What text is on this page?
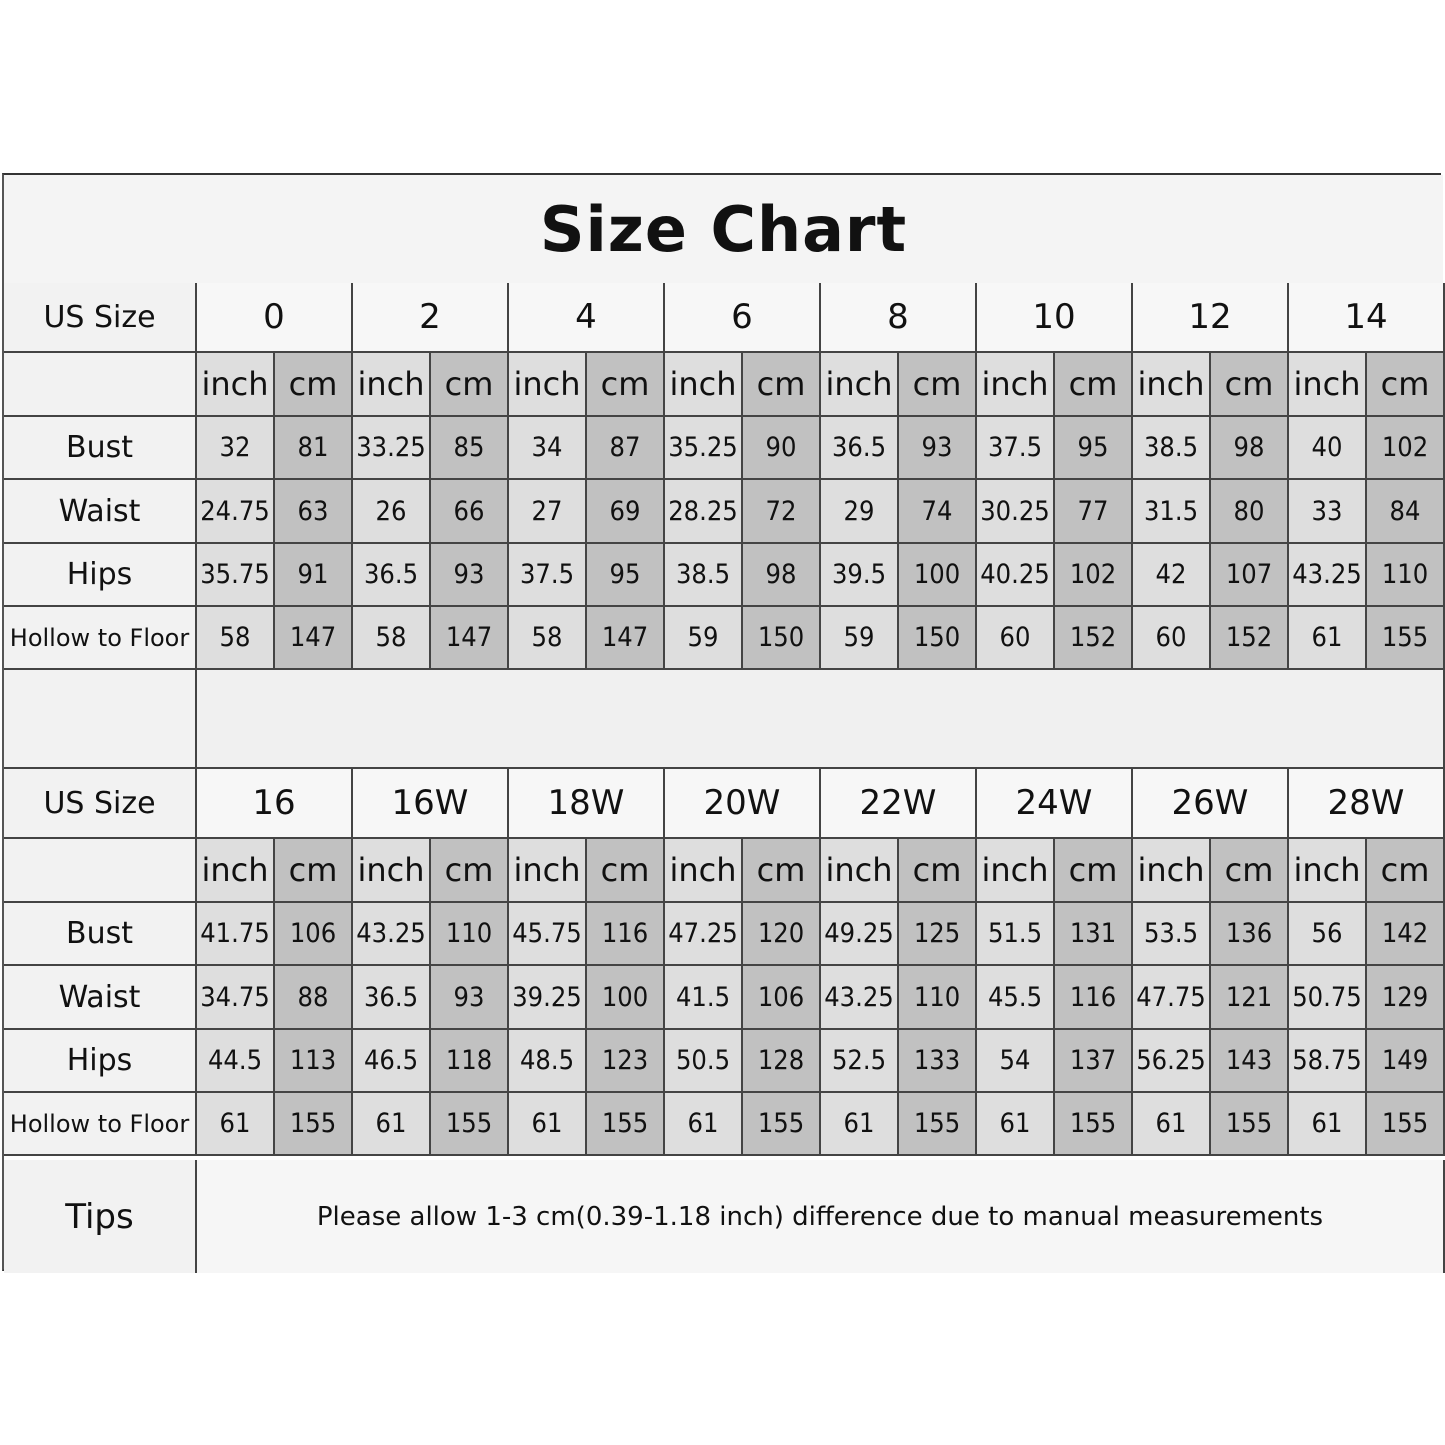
Size Chart
US Size	0	2	4	6	8	10	12	14
inch cm inch cm inch cm inch cm inch cm inch cm inch cm inch cm
Bust	32	81	33.25	85	34	87	35.25	90	36.5	93	37.5	95	38.5	98	40	102
Waist	24.75	63	26	66	27	69	28.25	72	29	74	30.25	77	31.5	80	33	84
Hips	35.75	91	36.5	93	37.5	95	38.5	98	39.5	100 40.25 102	42	107 43.25 110
Hollow to Floor	58	147	58	147	58	147	59	150	59	150	60	152	60	152	61	155
US Size	16	16W	18W	20W	22W	24W	26W	28W
inch cm inch cm inch cm inch cm inch cm inch cm inch cm inch cm
Bust	41.75 106 43.25 110 45.75 116 47.25 120 49.25 125	51.5	131	53.5	136	56	142
Waist	34.75	88	36.5	93	39.25 100	41.5	106 43.25 110	45.5	116 47.75 121 50.75 129
Hips	44.5	113	46.5	118	48.5	123	50.5	128	52.5	133	54	137 56.25 143 58.75 149
Hollow to Floor	61	155	61	155	61	155	61	155	61	155	61	155	61	155	61	155
Tips	Please allow 1-3 cm(0.39-1.18 inch) difference due to manual measurements
